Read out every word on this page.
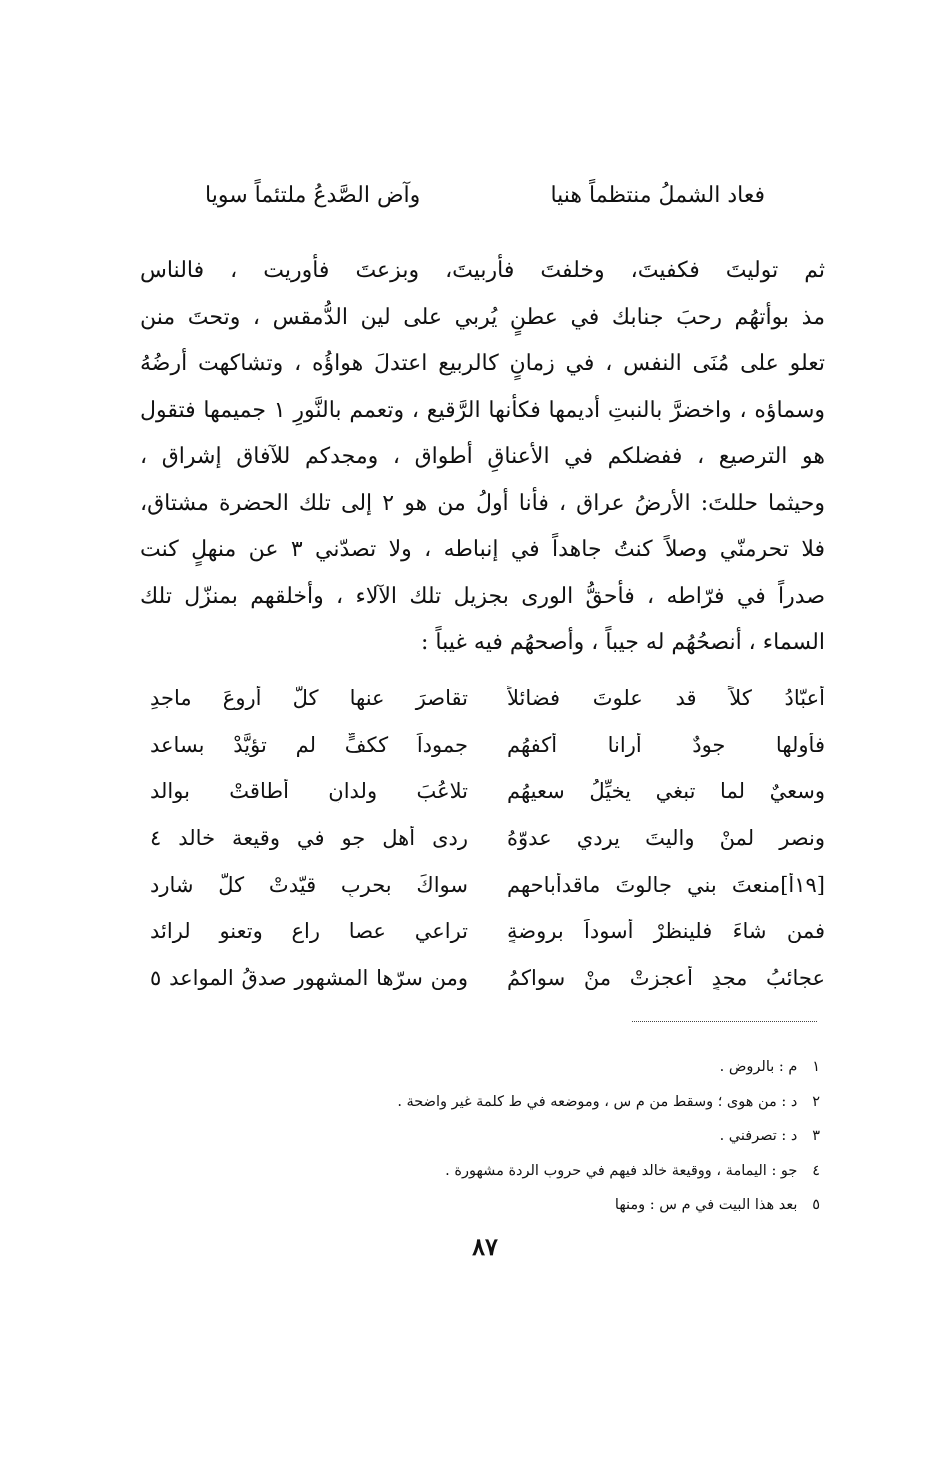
فعاد الشملُ منتظماً هنيا
وآض الصَّدعُ ملتئماً سويا
ثم توليتَ فكفيتَ، وخلفتَ فأربيتَ، وبزعتَ فأوريت ، فالناس
مذ بوأتهُم رحبَ جنابك في عطنٍ يُربي على لين الدُّمقس ، وتحتَ منن
تعلو على مُنَى النفس ، في زمانٍ كالربيع اعتدلَ هواؤُه ، وتشاكهت أرضُهُ
وسماؤه ، واخضرَّ بالنبتِ أديمها فكأنها الرَّقيع ، وتعمم بالنَّورِ ١ جميمها فتقول
هو الترصيع ، ففضلكم في الأعناقِ أطواق ، ومجدكم للآفاق إشراق ،
وحيثما حللتَ: الأرضُ عراق ، فأنا أولُ من هو ٢ إلى تلك الحضرة مشتاق،
فلا تحرمنّي وصلاً كنتُ جاهداً في إنباطه ، ولا تصدّني ٣ عن منهلٍ كنت
صدراً في فرّاطه ، فأحقُّ الورى بجزيل تلك الآلاء ، وأخلقهم بمنزّل تلك
السماء ، أنصحُهُم له جيباً ، وأصحهُم فيه غيباً :
أعبّادُ كلاً قد علوتَ فضائلاً
تقاصرَ عنها كلُّ أروعَ ماجدِ
فأولها جودٌ أرانا أكفهُم
جموداً ككفٍّ لم تؤيَّدْ بساعد
وسعيٌ لما تبغي يخيِّلُ سعيهُم
تلاعُبَ ولدانٍ أطاقتْ بوالد
ونصر لمنْ واليتَ يردي عدوّهُ
ردى أهل جوٍ في وقيعة خالد ٤
[١٩أ]منعتَ بني جالوتَ ماقدأباحهم
سواكَ بحربٍ قيّدتْ كلَّ شارد
فمن شاءَ فلينظرْ أسوداً بروضةٍ
تراعي عصا راعٍ وتعنو لرائد
عجائبُ مجدٍ أعجزتْ منْ سواكمُ
ومن سرّها المشهورِ صدقُ المواعد ٥
١ م : بالروض .
٢ د : من هوى ؛ وسقط من م س ، وموضعه في ط كلمة غير واضحة .
٣ د : تصرفني .
٤ جو : اليمامة ، ووقيعة خالد فيهم في حروب الردة مشهورة .
٥ بعد هذا البيت في م س : ومنها
٨٧
